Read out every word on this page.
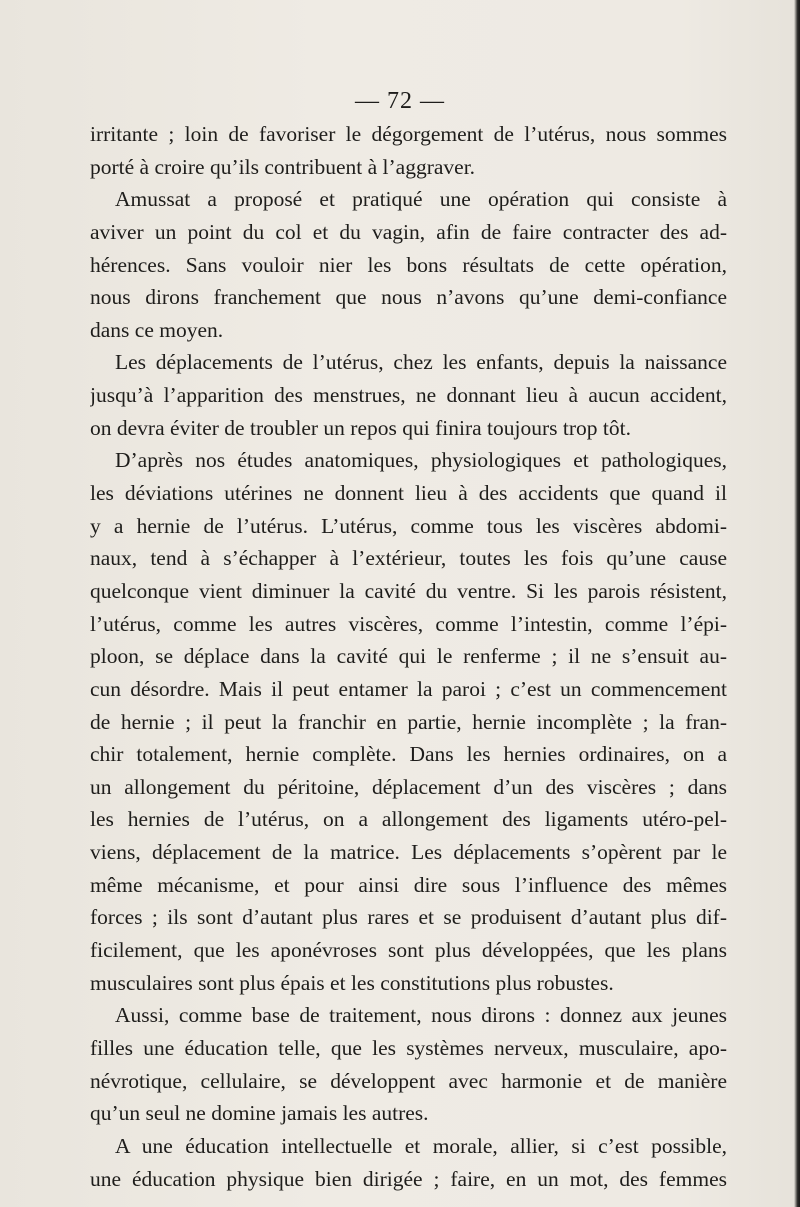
— 72 —
irritante ; loin de favoriser le dégorgement de l’utérus, nous sommes
porté à croire qu’ils contribuent à l’aggraver.
Amussat a proposé et pratiqué une opération qui consiste à
aviver un point du col et du vagin, afin de faire contracter des ad-
hérences. Sans vouloir nier les bons résultats de cette opération,
nous dirons franchement que nous n’avons qu’une demi-confiance
dans ce moyen.
Les déplacements de l’utérus, chez les enfants, depuis la naissance
jusqu’à l’apparition des menstrues, ne donnant lieu à aucun accident,
on devra éviter de troubler un repos qui finira toujours trop tôt.
D’après nos études anatomiques, physiologiques et pathologiques,
les déviations utérines ne donnent lieu à des accidents que quand il
y a hernie de l’utérus. L’utérus, comme tous les viscères abdomi-
naux, tend à s’échapper à l’extérieur, toutes les fois qu’une cause
quelconque vient diminuer la cavité du ventre. Si les parois résistent,
l’utérus, comme les autres viscères, comme l’intestin, comme l’épi-
ploon, se déplace dans la cavité qui le renferme ; il ne s’ensuit au-
cun désordre. Mais il peut entamer la paroi ; c’est un commencement
de hernie ; il peut la franchir en partie, hernie incomplète ; la fran-
chir totalement, hernie complète. Dans les hernies ordinaires, on a
un allongement du péritoine, déplacement d’un des viscères ; dans
les hernies de l’utérus, on a allongement des ligaments utéro-pel-
viens, déplacement de la matrice. Les déplacements s’opèrent par le
même mécanisme, et pour ainsi dire sous l’influence des mêmes
forces ; ils sont d’autant plus rares et se produisent d’autant plus dif-
ficilement, que les aponévroses sont plus développées, que les plans
musculaires sont plus épais et les constitutions plus robustes.
Aussi, comme base de traitement, nous dirons : donnez aux jeunes
filles une éducation telle, que les systèmes nerveux, musculaire, apo-
névrotique, cellulaire, se développent avec harmonie et de manière
qu’un seul ne domine jamais les autres.
A une éducation intellectuelle et morale, allier, si c’est possible,
une éducation physique bien dirigée ; faire, en un mot, des femmes
